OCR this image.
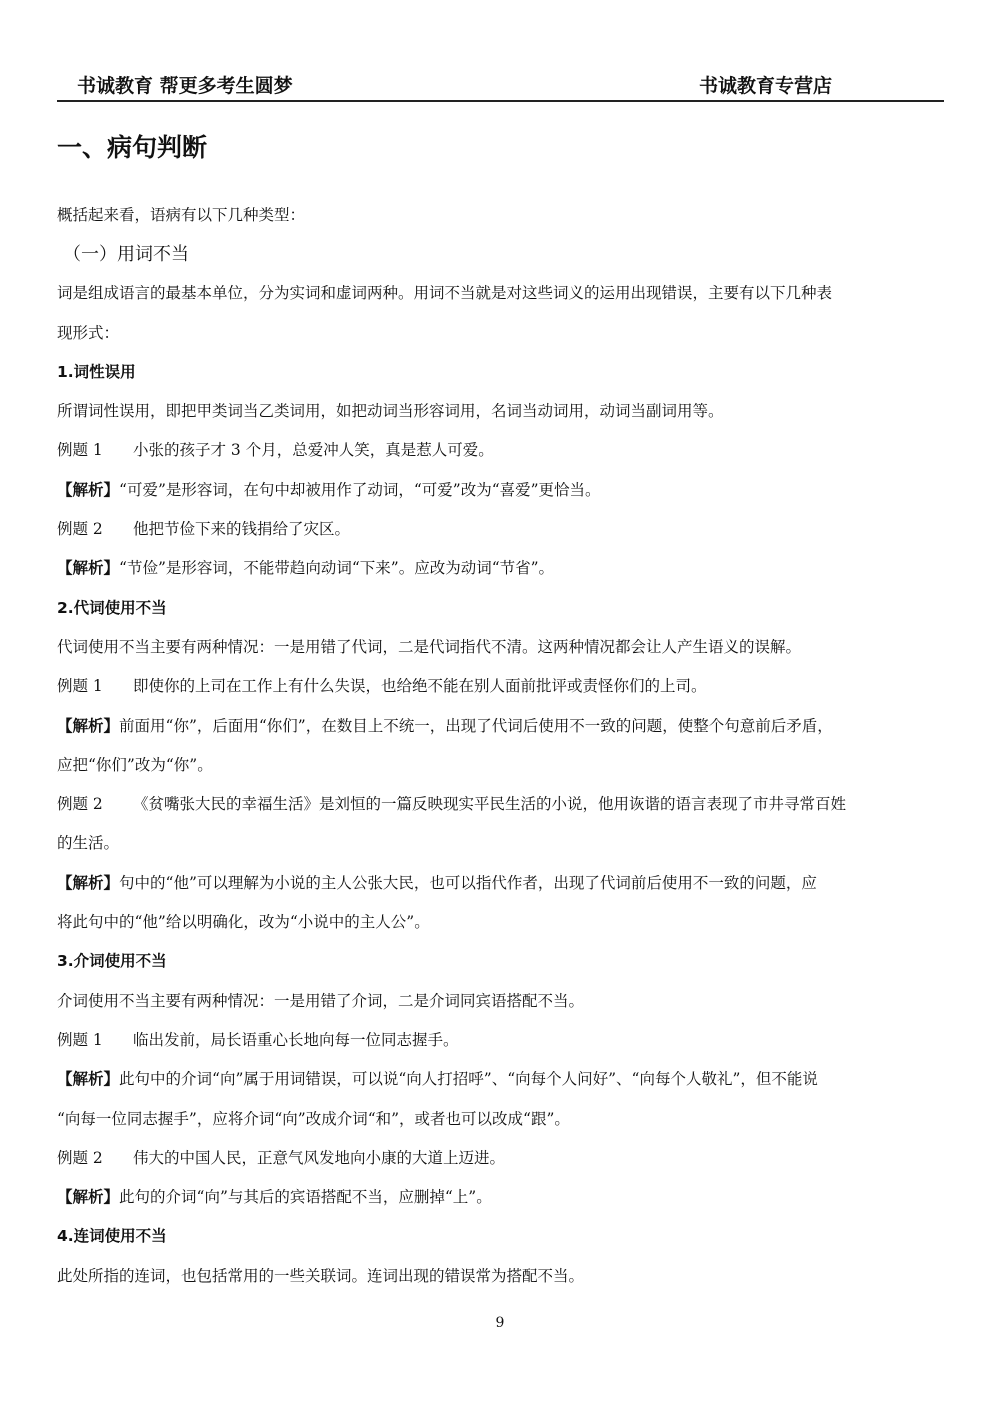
书诚教育 帮更多考生圆梦	书诚教育专营店
一、病句判断

概括起来看，语病有以下几种类型：

（一）用词不当

词是组成语言的最基本单位，分为实词和虚词两种。用词不当就是对这些词义的运用出现错误，主要有以下几种表

现形式：

1.词性误用

所谓词性误用，即把甲类词当乙类词用，如把动词当形容词用，名词当动词用，动词当副词用等。

例题 1 小张的孩子才 3 个月，总爱冲人笑，真是惹人可爱。

【解析】“可爱”是形容词，在句中却被用作了动词，“可爱”改为“喜爱”更恰当。

例题 2 他把节俭下来的钱捐给了灾区。

【解析】“节俭”是形容词，不能带趋向动词“下来”。应改为动词“节省”。

2.代词使用不当

代词使用不当主要有两种情况：一是用错了代词，二是代词指代不清。这两种情况都会让人产生语义的误解。

例题 1 即使你的上司在工作上有什么失误，也给绝不能在别人面前批评或责怪你们的上司。

【解析】前面用“你”，后面用“你们”，在数目上不统一，出现了代词后使用不一致的问题，使整个句意前后矛盾，

应把“你们”改为“你”。

例题 2 《贫嘴张大民的幸福生活》是刘恒的一篇反映现实平民生活的小说，他用诙谐的语言表现了市井寻常百姓

的生活。

【解析】句中的“他”可以理解为小说的主人公张大民，也可以指代作者，出现了代词前后使用不一致的问题，应

将此句中的“他”给以明确化，改为“小说中的主人公”。

3.介词使用不当

介词使用不当主要有两种情况：一是用错了介词，二是介词同宾语搭配不当。

例题 1 临出发前，局长语重心长地向每一位同志握手。

【解析】此句中的介词“向”属于用词错误，可以说“向人打招呼”、“向每个人问好”、“向每个人敬礼”，但不能说

“向每一位同志握手”，应将介词“向”改成介词“和”，或者也可以改成“跟”。

例题 2 伟大的中国人民，正意气风发地向小康的大道上迈进。

【解析】此句的介词“向”与其后的宾语搭配不当，应删掉“上”。

4.连词使用不当

此处所指的连词，也包括常用的一些关联词。连词出现的错误常为搭配不当。

9
